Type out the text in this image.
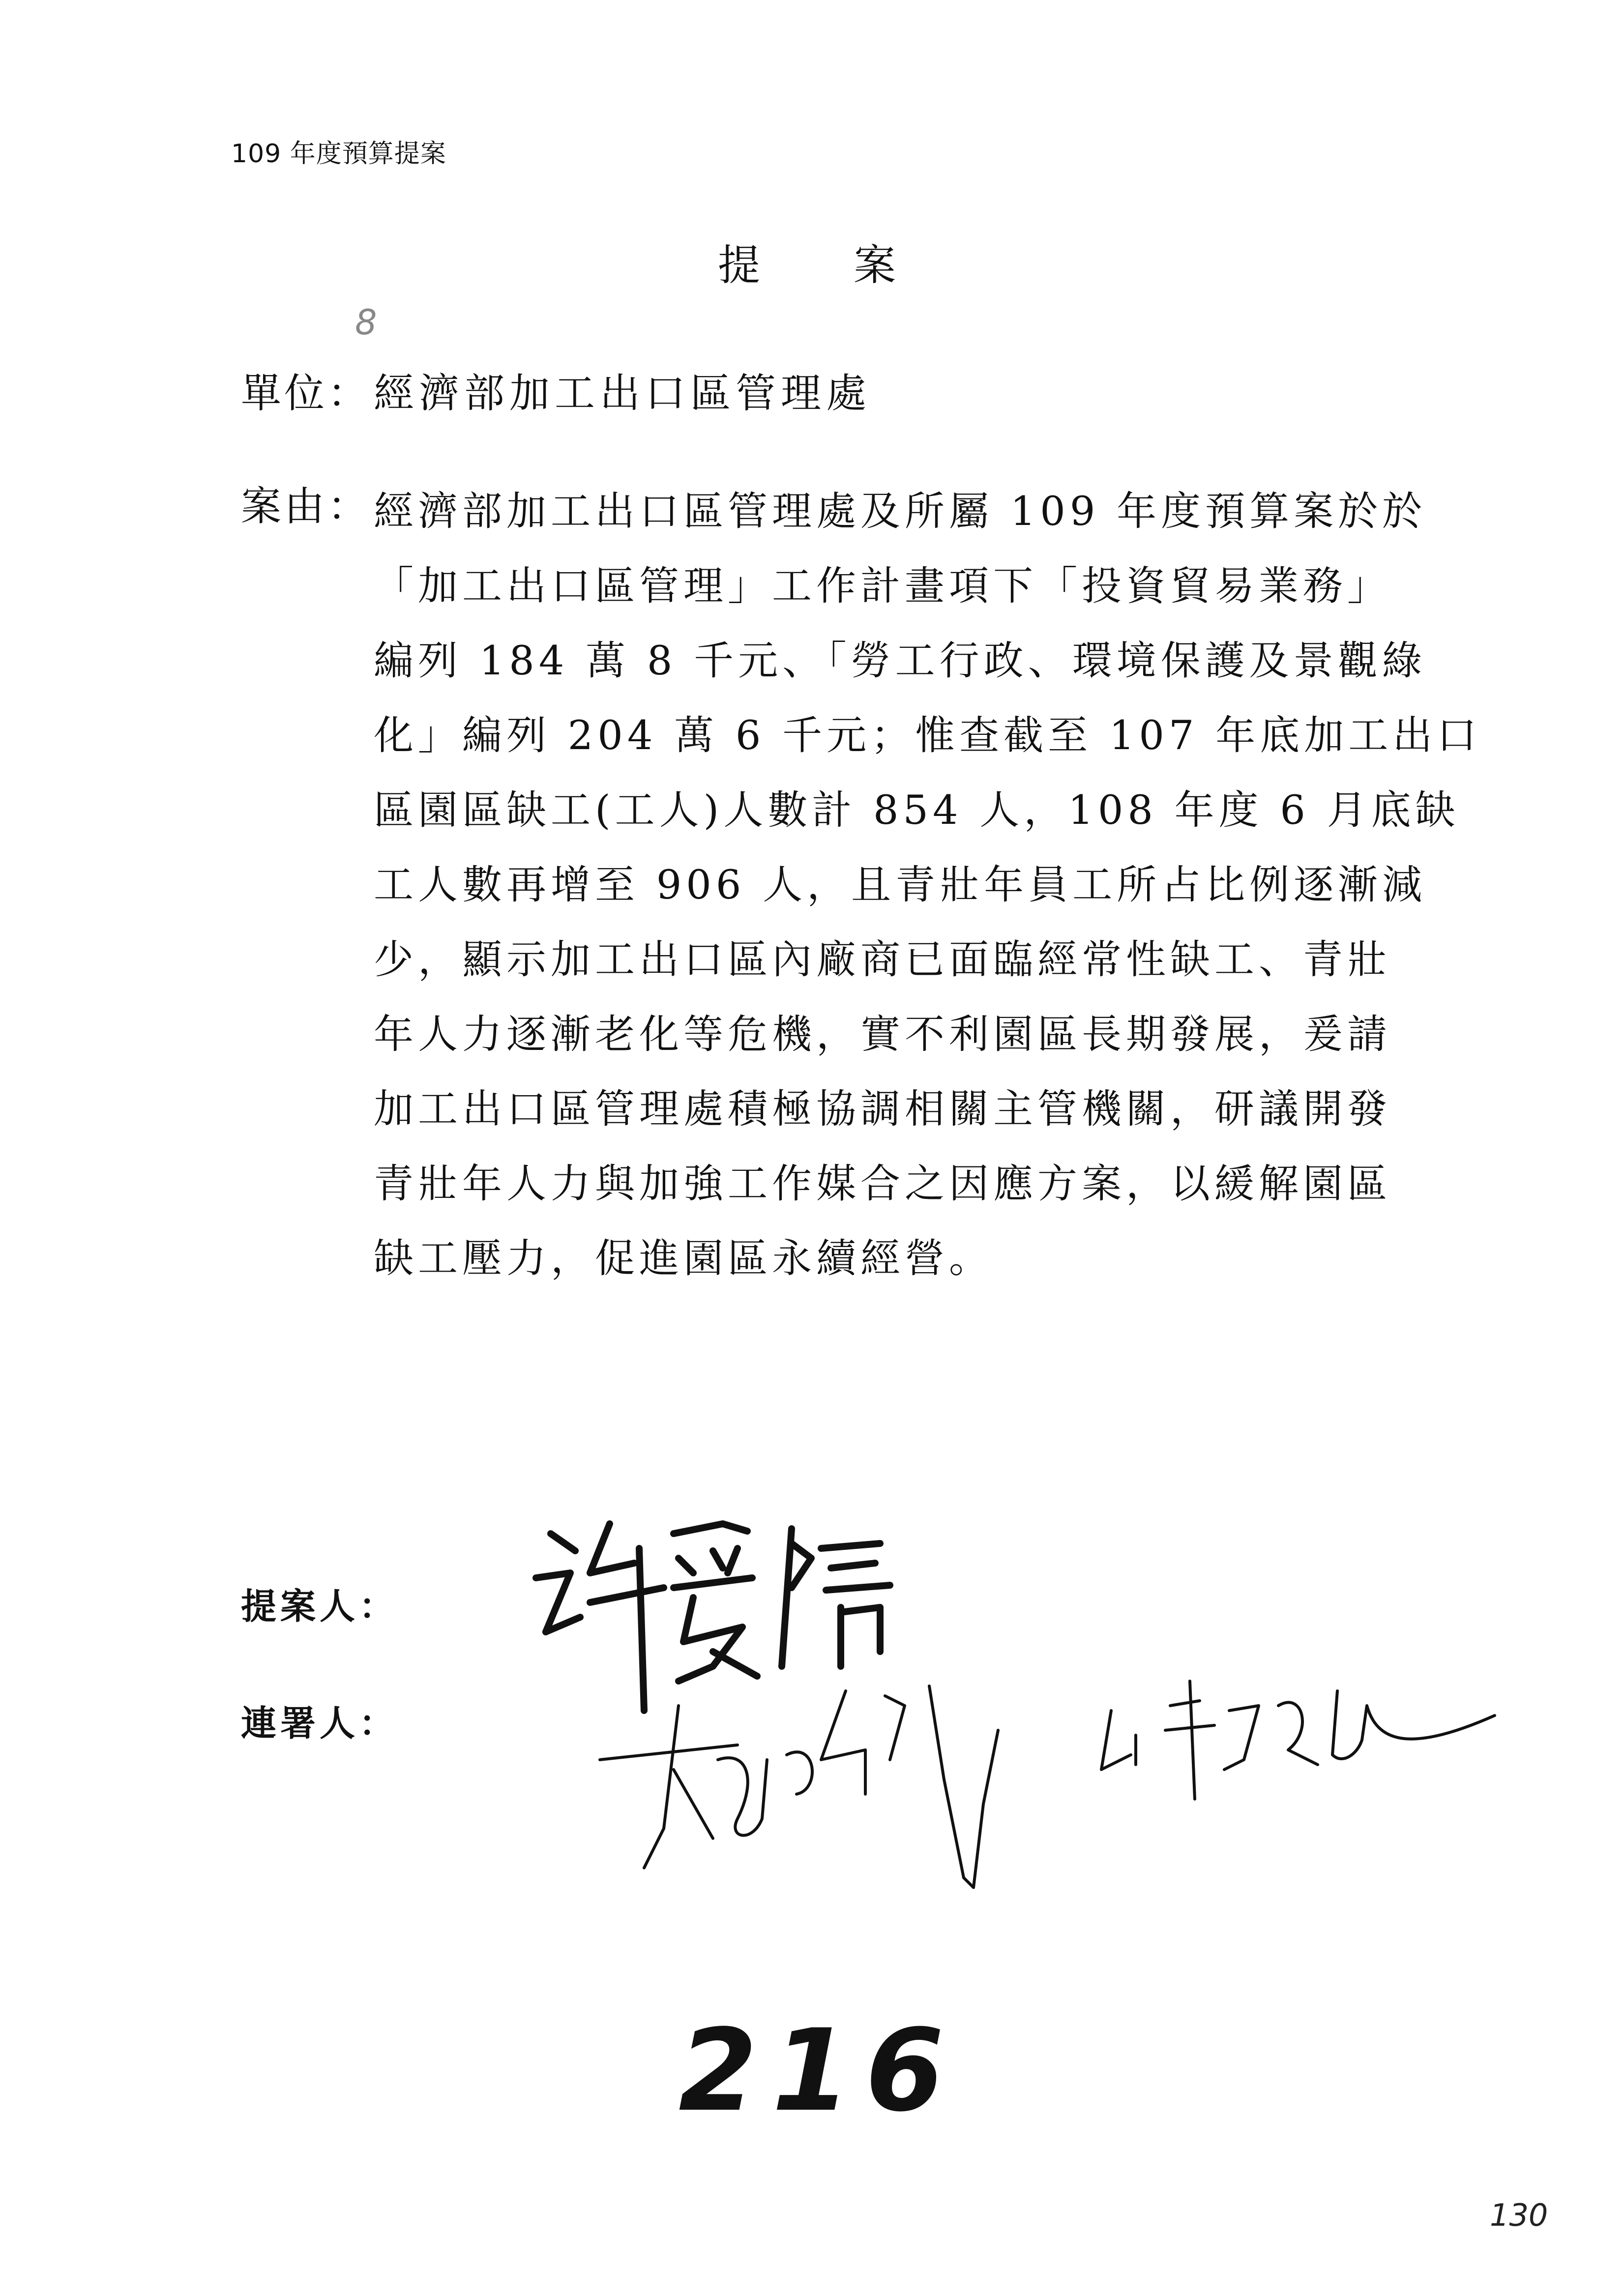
109 年度預算提案
提案
8
單位： 經濟部加工出口區管理處
案由： 經濟部加工出口區管理處及所屬 109 年度預算案於於
「加工出口區管理」工作計畫項下「投資貿易業務」
編列 184 萬 8 千元、「勞工行政、環境保護及景觀綠
化」編列 204 萬 6 千元；惟查截至 107 年底加工出口
區園區缺工(工人)人數計 854 人，108 年度 6 月底缺
工人數再增至 906 人，且青壯年員工所占比例逐漸減
少，顯示加工出口區內廠商已面臨經常性缺工、青壯
年人力逐漸老化等危機，實不利園區長期發展，爰請
加工出口區管理處積極協調相關主管機關，研議開發
青壯年人力與加強工作媒合之因應方案，以緩解園區
缺工壓力，促進園區永續經營。
提案人：
連署人：
216
130
